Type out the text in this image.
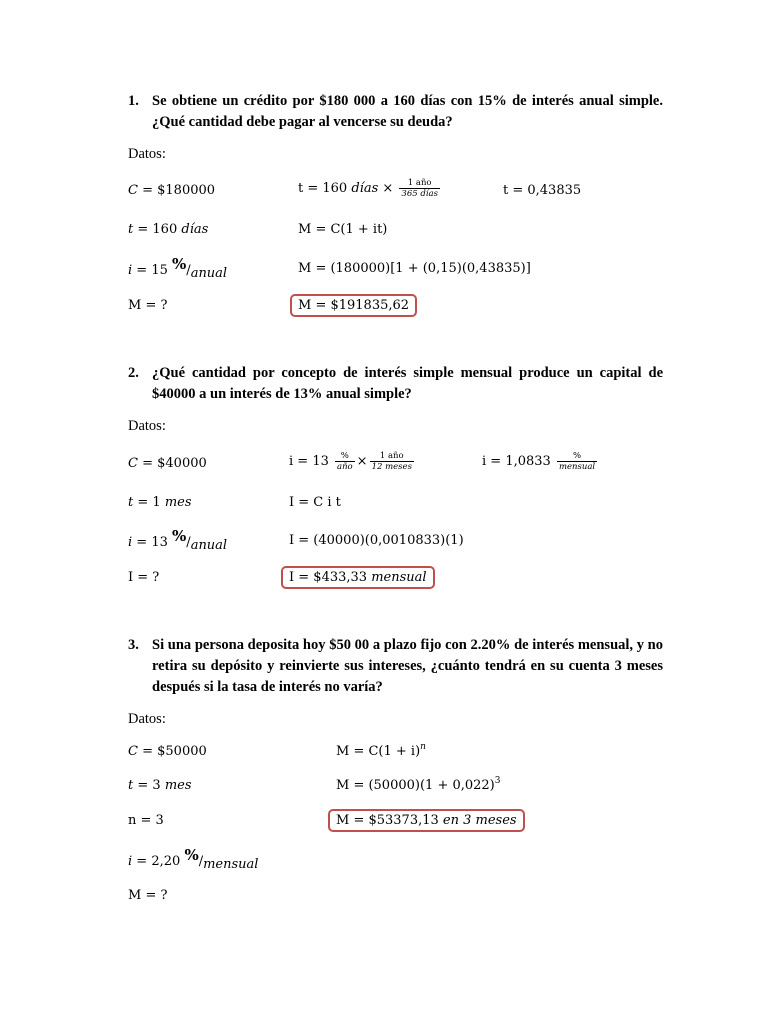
1. Se obtiene un crédito por $180 000 a 160 días con 15% de interés anual simple. ¿Qué cantidad debe pagar al vencerse su deuda?
Datos:
C = $180000
t = 160 días
i = 15 %/anual
M = ?
t = 160 días × $\frac{\text{1 año}}{\text{365 días}}$	t = 0,43835
M = C(1 + it)
M = (180000)[1 + (0,15)(0,43835)]
M = $191835,62
2. ¿Qué cantidad por concepto de interés simple mensual produce un capital de $40000 a un interés de 13% anual simple?
Datos:
C = $40000
t = 1 mes
i = 13 %/anual
I = ?
$i = 13 \frac{\%}{\text{año}} \times \frac{\text{1 año}}{\text{12 meses}}$	$i = 1,0833 \frac{\%}{\text{mensual}}$
I = C i t
I = (40000)(0,0010833)(1)
I = $433,33 mensual
3. Si una persona deposita hoy $50 00 a plazo fijo con 2.20% de interés mensual, y no retira su depósito y reinvierte sus intereses, ¿cuánto tendrá en su cuenta 3 meses después si la tasa de interés no varía?
Datos:
C = $50000
t = 3 mes
n = 3
i = 2,20 %/mensual
M = ?
$M = C(1 + i)^n$
$M = (50000)(1 + 0,022)^3$
M = $53373,13 en 3 meses
